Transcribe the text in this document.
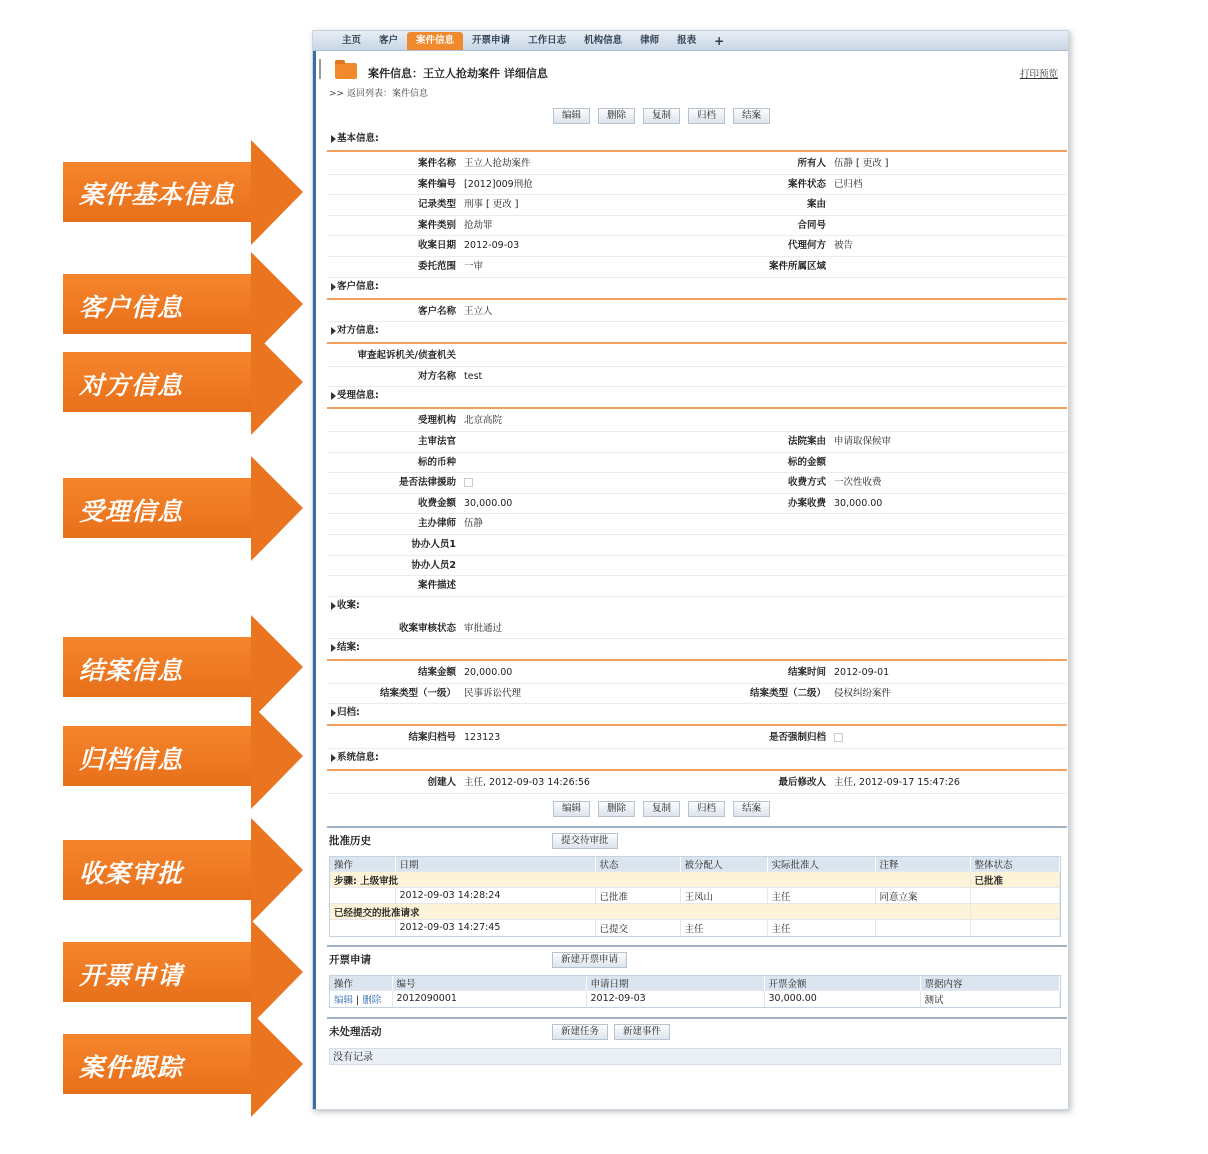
案件基本信息
客户信息
对方信息
受理信息
结案信息
归档信息
收案审批
开票申请
案件跟踪
主页	客户	案件信息	开票申请	工作日志	机构信息	律师	报表	+
案件信息：王立人抢劫案件 详细信息	打印预览
>> 返回列表：案件信息
编辑	删除	复制	归档	结案
基本信息:
案件名称 王立人抢劫案件	所有人 伍静 [ 更改 ]
案件编号 [2012]009刑抢	案件状态 已归档
记录类型 刑事 [ 更改 ]	案由
案件类别 抢劫罪	合同号
收案日期 2012-09-03	代理何方 被告
委托范围 一审	案件所属区域
客户信息:
客户名称 王立人
对方信息:
审查起诉机关/侦查机关
对方名称 test
受理信息:
受理机构 北京高院
主审法官	法院案由 申请取保候审
标的币种	标的金额
是否法律援助	收费方式 一次性收费
收费金额 30,000.00	办案收费 30,000.00
主办律师 伍静
协办人员1
协办人员2
案件描述
收案:
收案审核状态 审批通过
结案:
结案金额 20,000.00	结案时间 2012-09-01
结案类型（一级） 民事诉讼代理	结案类型（二级） 侵权纠纷案件
归档:
结案归档号 123123	是否强制归档
系统信息:
创建人 主任, 2012-09-03 14:26:56	最后修改人 主任, 2012-09-17 15:47:26
编辑	删除	复制	归档	结案
批准历史	提交待审批
操作	日期	状态	被分配人	实际批准人	注释	整体状态
步骤: 上级审批						已批准
	2012-09-03 14:28:24	已批准	王凤山	主任	同意立案	
已经提交的批准请求						
	2012-09-03 14:27:45	已提交	主任	主任		
开票申请	新建开票申请
操作	编号	申请日期	开票金额	票据内容
编辑 | 删除	2012090001	2012-09-03	30,000.00	测试
未处理活动	新建任务	新建事件
没有记录
